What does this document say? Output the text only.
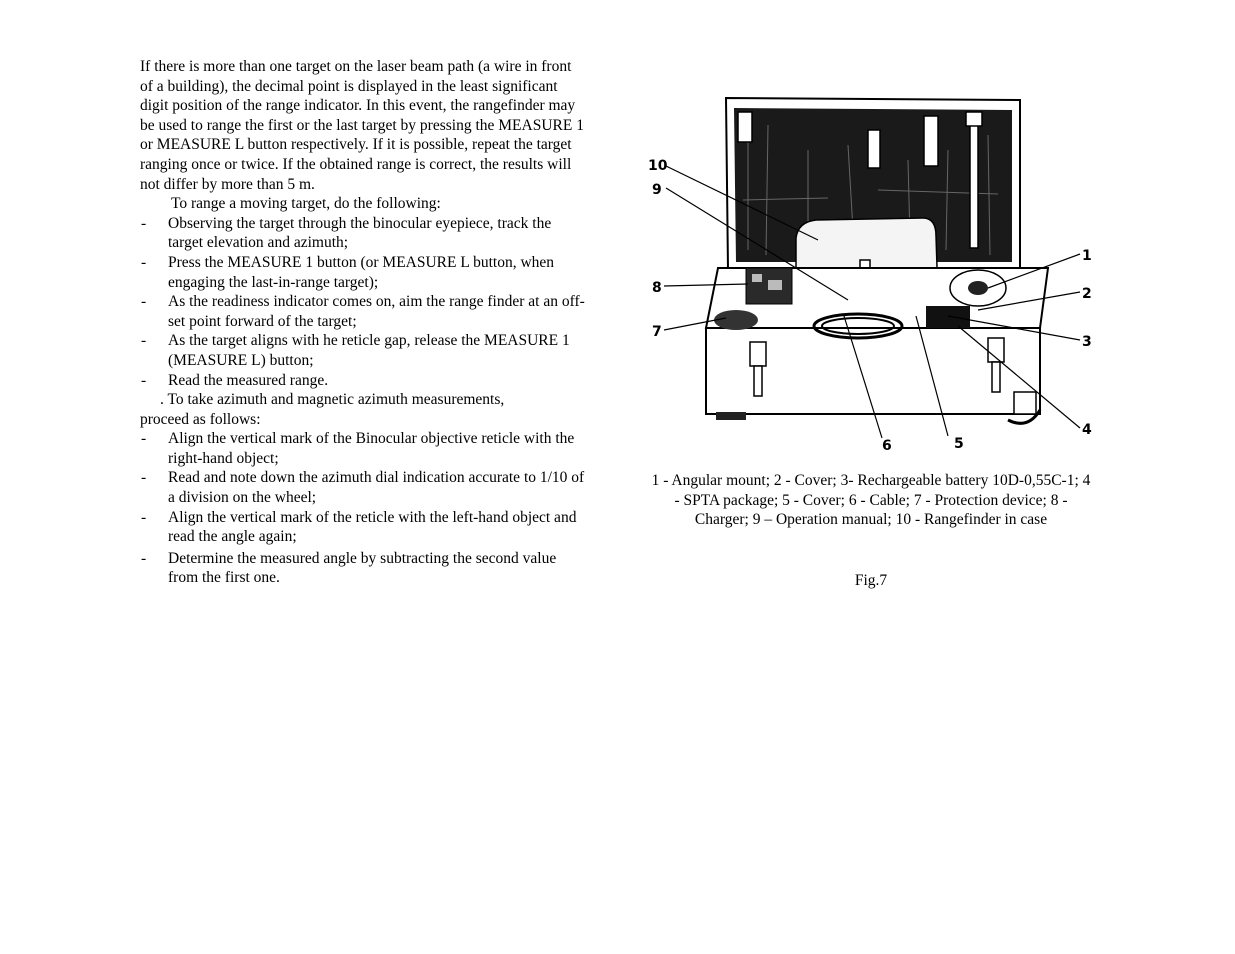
If there is more than one target on the laser beam path (a wire in front of a building), the decimal point is displayed in the least significant digit position of the range indicator. In this event, the rangefinder may be used to range the first or the last target by pressing the MEASURE 1 or MEASURE L button respectively. If it is possible, repeat the target ranging once or twice. If the obtained range is correct, the results will not differ by more than 5 m.

To range a moving target, do the following:

- Observing the target through the binocular eyepiece, track the target elevation and azimuth;
- Press the MEASURE 1 button (or MEASURE L button, when engaging the last-in-range target);
- As the readiness indicator comes on, aim the range finder at an off-set point forward of the target;
- As the target aligns with he reticle gap, release the MEASURE 1 (MEASURE L) button;
- Read the measured range.

. To take azimuth and magnetic azimuth measurements,

proceed as follows:

- Align the vertical mark of the Binocular objective reticle with the right-hand object;
- Read and note down the azimuth dial indication accurate to 1/10 of a division on the wheel;
- Align the vertical mark of the reticle with the left-hand object and read the angle again;
- Determine the measured angle by subtracting the second value from the first one.
10
9
8
7
1
2
3
4
5
6
1 - Angular mount; 2 - Cover; 3- Rechargeable battery 10D-0,55C-1; 4 - SPTA package; 5 - Cover; 6 - Cable; 7 - Protection device; 8 - Charger; 9 – Operation manual; 10 - Rangefinder in case
Fig.7
